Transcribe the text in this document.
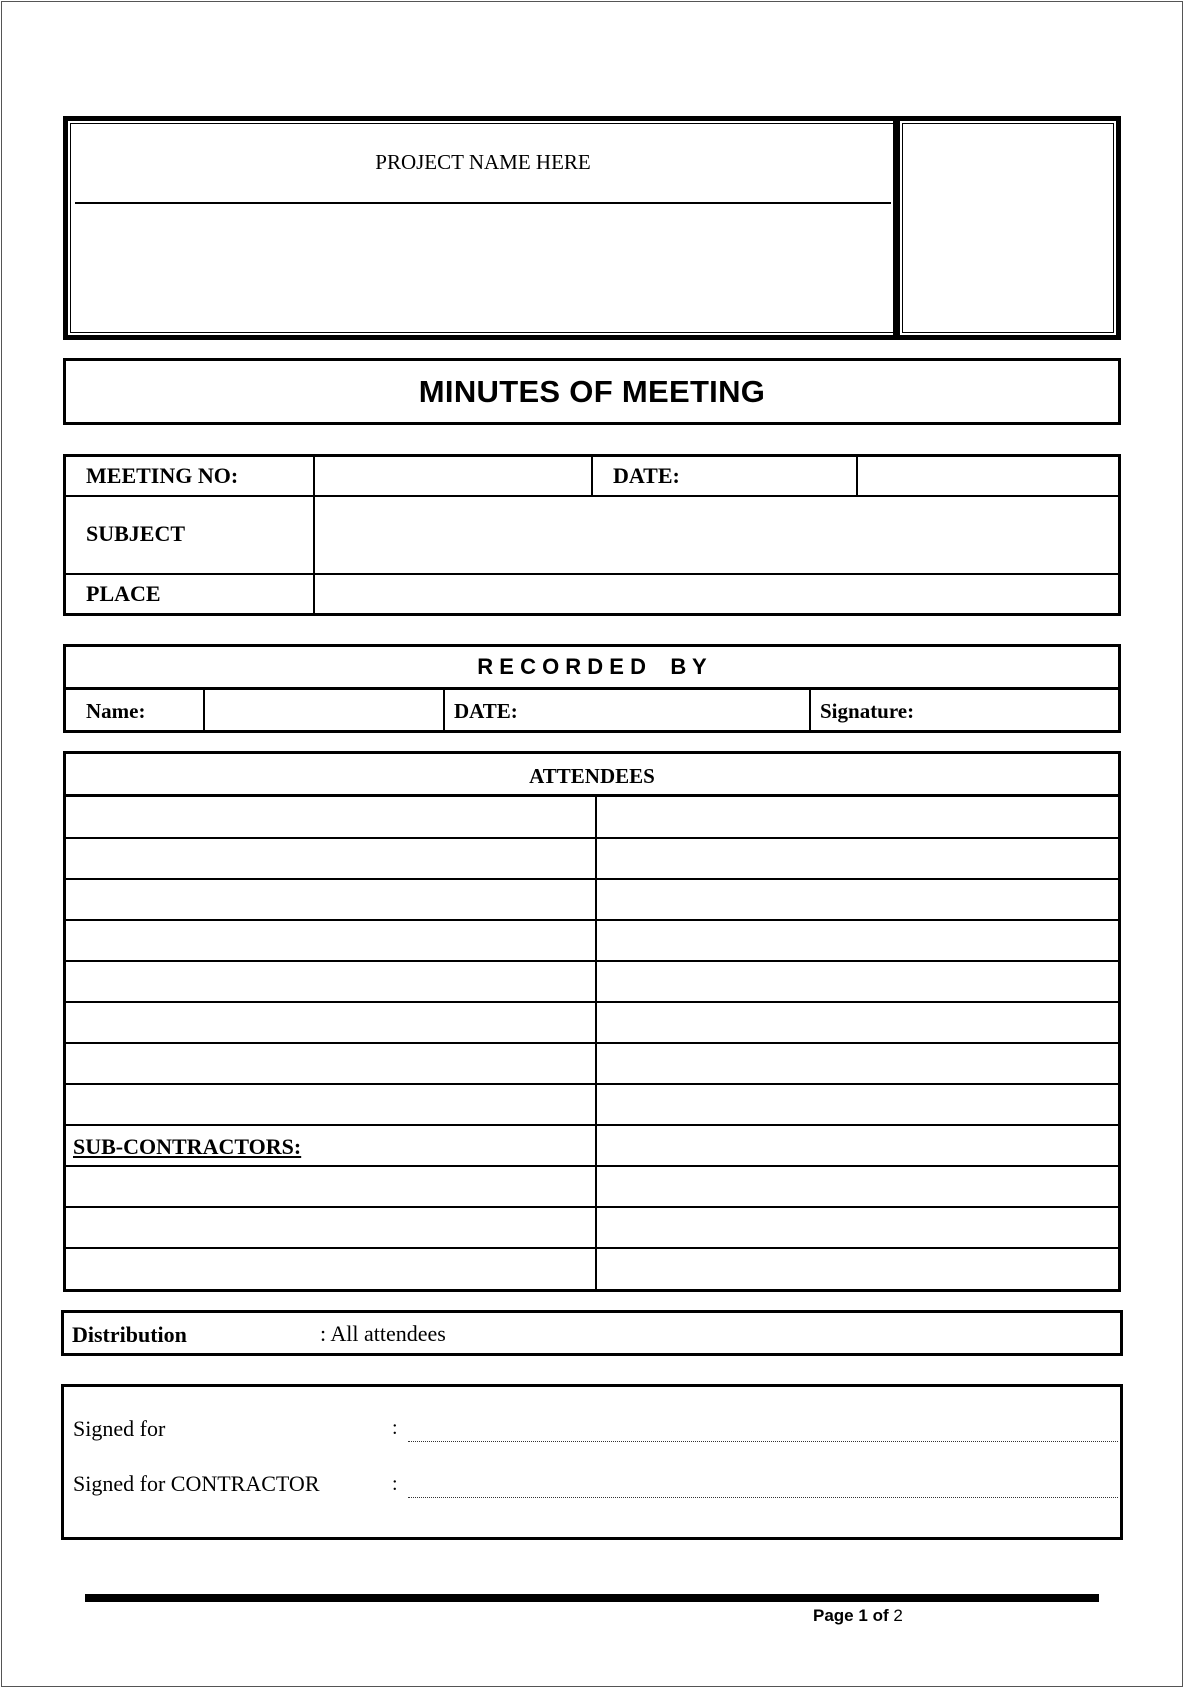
PROJECT NAME HERE
MINUTES OF MEETING
MEETING NO:	DATE:
SUBJECT
PLACE
R E C O R D E D    B Y
Name:	DATE:	Signature:
ATTENDEES
SUB-CONTRACTORS:
Distribution	: All attendees
Signed for	:
Signed for CONTRACTOR	:
Page 1 of 2
